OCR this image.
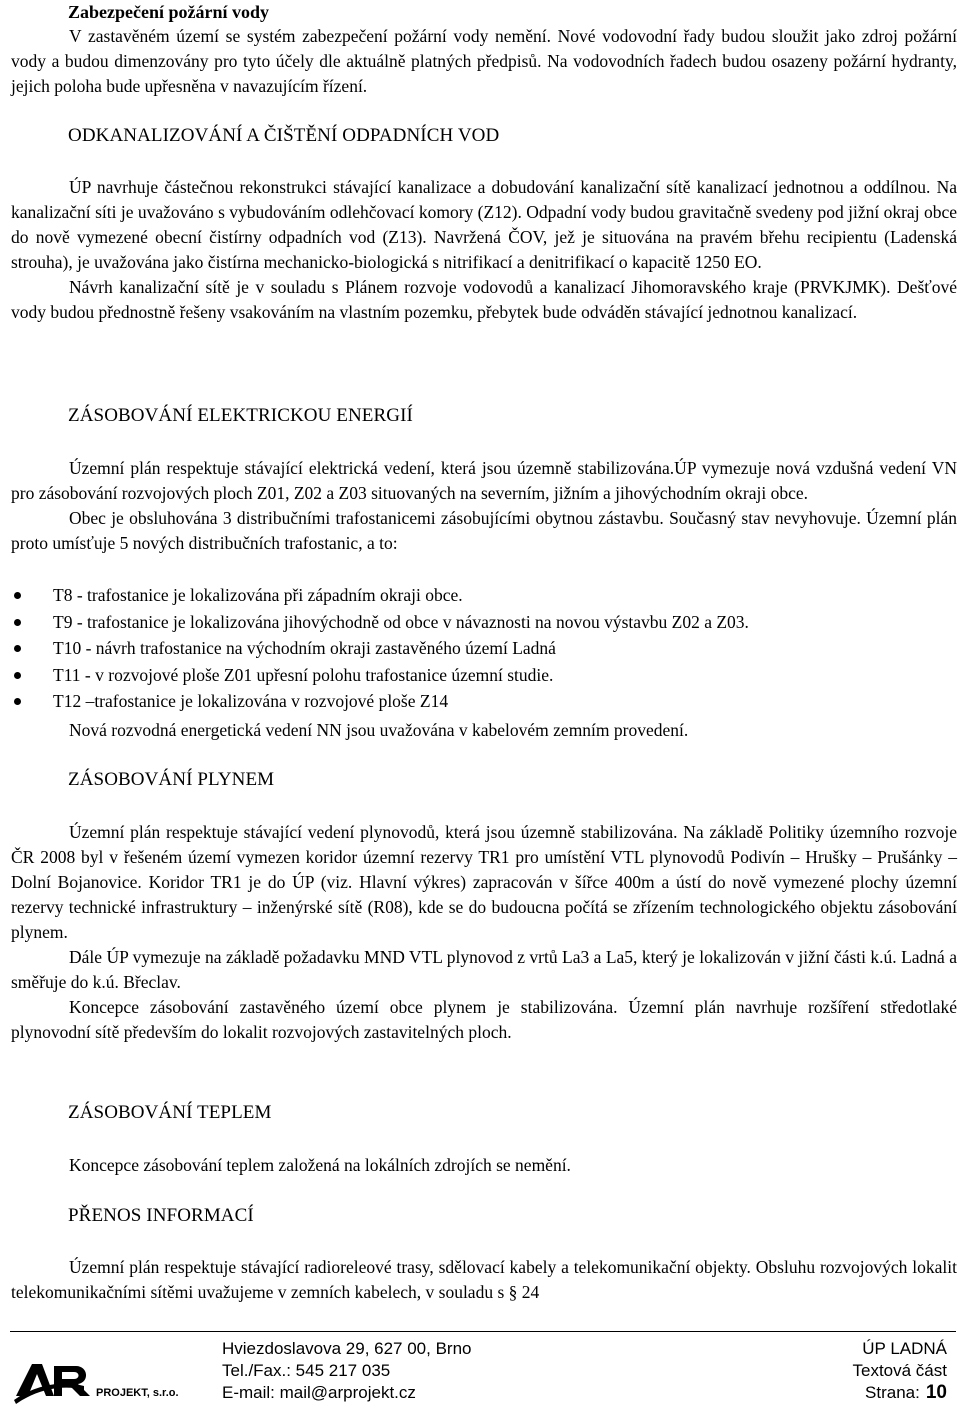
Zabezpečení požární vody

V zastavěném území se systém zabezpečení požární vody nemění. Nové vodovodní řady budou sloužit jako zdroj požární vody a budou dimenzovány pro tyto účely dle aktuálně platných předpisů. Na vodovodních řadech budou osazeny požární hydranty, jejich poloha bude upřesněna v navazujícím řízení.

ODKANALIZOVÁNÍ A ČIŠTĚNÍ ODPADNÍCH VOD

ÚP navrhuje částečnou rekonstrukci stávající kanalizace a dobudování kanalizační sítě kanalizací jednotnou a oddílnou. Na kanalizační síti je uvažováno s vybudováním odlehčovací komory (Z12). Odpadní vody budou gravitačně svedeny pod jižní okraj obce do nově vymezené obecní čistírny odpadních vod (Z13). Navržená ČOV, jež je situována na pravém břehu recipientu (Ladenská strouha), je uvažována jako čistírna mechanicko-biologická s nitrifikací a denitrifikací o kapacitě 1250 EO.

Návrh kanalizační sítě je v souladu s Plánem rozvoje vodovodů a kanalizací Jihomoravského kraje (PRVKJMK). Dešťové vody budou přednostně řešeny vsakováním na vlastním pozemku, přebytek bude odváděn stávající jednotnou kanalizací.

ZÁSOBOVÁNÍ ELEKTRICKOU ENERGIÍ

Územní plán respektuje stávající elektrická vedení, která jsou územně stabilizována.ÚP vymezuje nová vzdušná vedení VN pro zásobování rozvojových ploch Z01, Z02 a Z03 situovaných na severním, jižním a jihovýchodním okraji obce.

Obec je obsluhována 3 distribučními trafostanicemi zásobujícími obytnou zástavbu. Současný stav nevyhovuje. Územní plán proto umísťuje 5 nových distribučních trafostanic, a to:

T8 - trafostanice je lokalizována při západním okraji obce.
T9 - trafostanice je lokalizována jihovýchodně od obce v návaznosti na novou výstavbu Z02 a Z03.
T10 - návrh trafostanice na východním okraji zastavěného území Ladná
T11 - v rozvojové ploše Z01 upřesní polohu trafostanice územní studie.
T12 –trafostanice je lokalizována v rozvojové ploše Z14

Nová rozvodná energetická vedení NN jsou uvažována v kabelovém zemním provedení.

ZÁSOBOVÁNÍ PLYNEM

Územní plán respektuje stávající vedení plynovodů, která jsou územně stabilizována. Na základě Politiky územního rozvoje ČR 2008 byl v řešeném území vymezen koridor územní rezervy TR1 pro umístění VTL plynovodů Podivín – Hrušky – Prušánky – Dolní Bojanovice. Koridor TR1 je do ÚP (viz. Hlavní výkres) zapracován v šířce 400m a ústí do nově vymezené plochy územní rezervy technické infrastruktury – inženýrské sítě (R08), kde se do budoucna počítá se zřízením technologického objektu zásobování plynem.

Dále ÚP vymezuje na základě požadavku MND VTL plynovod z vrtů La3 a La5, který je lokalizován v jižní části k.ú. Ladná a směřuje do k.ú. Břeclav.

Koncepce zásobování zastavěného území obce plynem je stabilizována. Územní plán navrhuje rozšíření středotlaké plynovodní sítě především do lokalit rozvojových zastavitelných ploch.

ZÁSOBOVÁNÍ TEPLEM

Koncepce zásobování teplem založená na lokálních zdrojích se nemění.

PŘENOS INFORMACÍ

Územní plán respektuje stávající radioreleové trasy, sdělovací kabely a telekomunikační objekty. Obsluhu rozvojových lokalit telekomunikačními sítěmi uvažujeme v zemních kabelech, v souladu s § 24

PROJEKT, s.r.o.
Hviezdoslavova 29, 627 00, Brno
Tel./Fax.: 545 217 035
E-mail: mail@arprojekt.cz
ÚP LADNÁ
Textová část
Strana: 10
